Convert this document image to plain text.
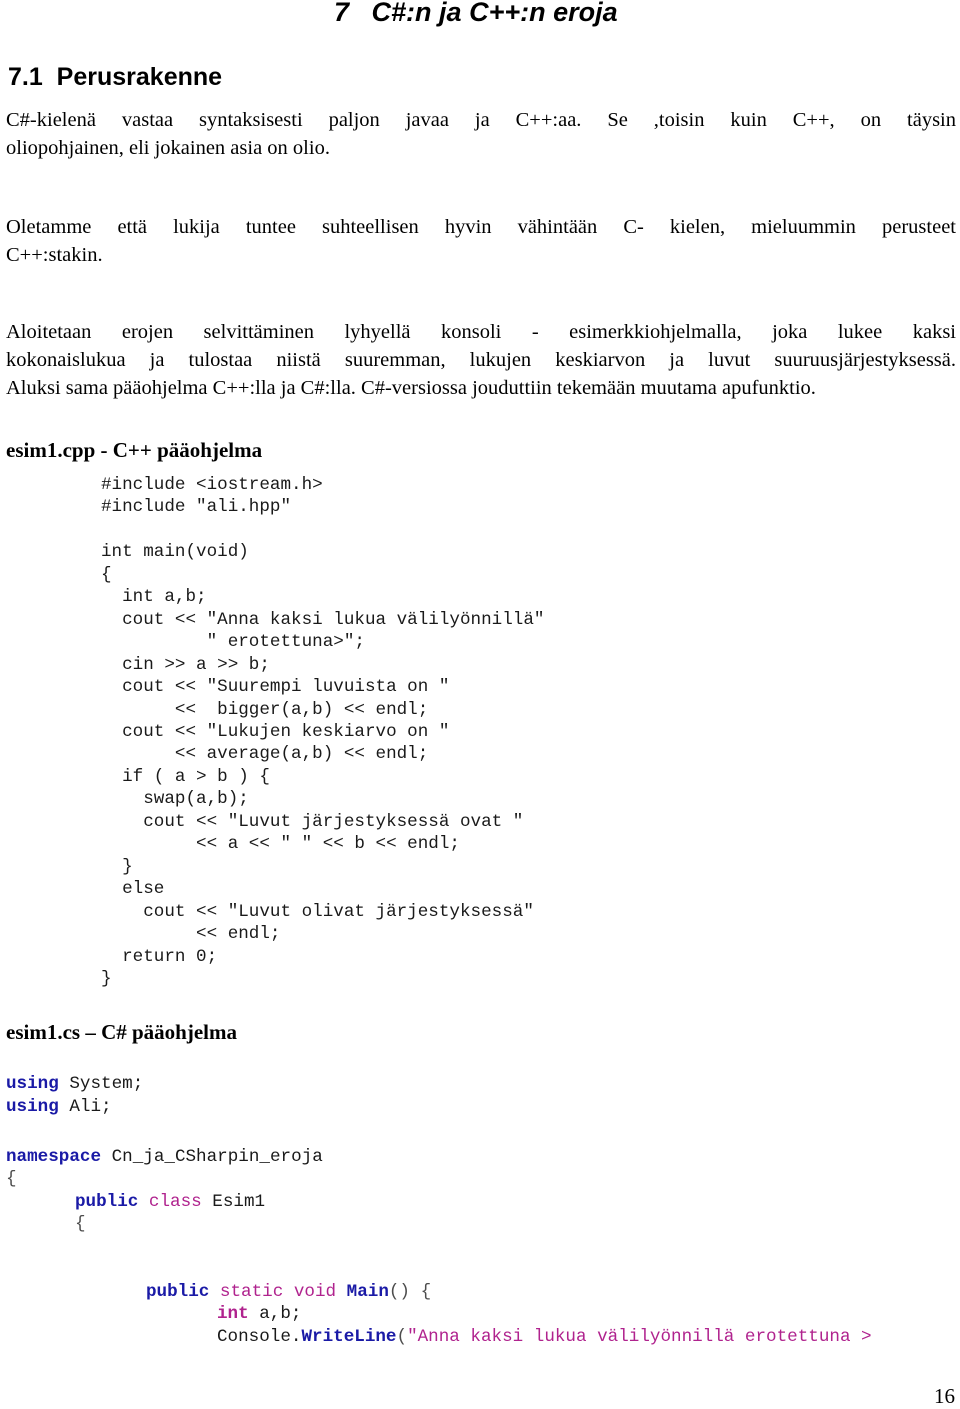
7 C#:n ja C++:n eroja
7.1 Perusrakenne

C#-kielenä vastaa syntaksisesti paljon javaa ja C++:aa. Se ,toisin kuin C++, on täysin

oliopohjainen, eli jokainen asia on olio.

Oletamme että lukija tuntee suhteellisen hyvin vähintään C- kielen, mieluummin perusteet

C++:stakin.

Aloitetaan erojen selvittäminen lyhyellä konsoli - esimerkkiohjelmalla, joka lukee kaksi

kokonaislukua ja tulostaa niistä suuremman, lukujen keskiarvon ja luvut suuruusjärjestyksessä.

Aluksi sama pääohjelma C++:lla ja C#:lla. C#-versiossa jouduttiin tekemään muutama apufunktio.

esim1.cpp - C++ pääohjelma
#include <iostream.h>
#include "ali.hpp"

int main(void)
{
int a,b;
cout << "Anna kaksi lukua välilyönnillä"
" erotettuna>";
cin >> a >> b;
cout << "Suurempi luvuista on "
<<  bigger(a,b) << endl;
cout << "Lukujen keskiarvo on "
<< average(a,b) << endl;
if ( a > b ) {
swap(a,b);
cout << "Luvut järjestyksessä ovat "
<< a << " " << b << endl;
}
else
cout << "Luvut olivat järjestyksessä"
<< endl;
return 0;
}
esim1.cs – C# pääohjelma
using System;
using Ali;
namespace Cn_ja_CSharpin_eroja
{
public class Esim1
{
public static void Main() {
int a,b;
Console.WriteLine("Anna kaksi lukua välilyönnillä erotettuna >
16
